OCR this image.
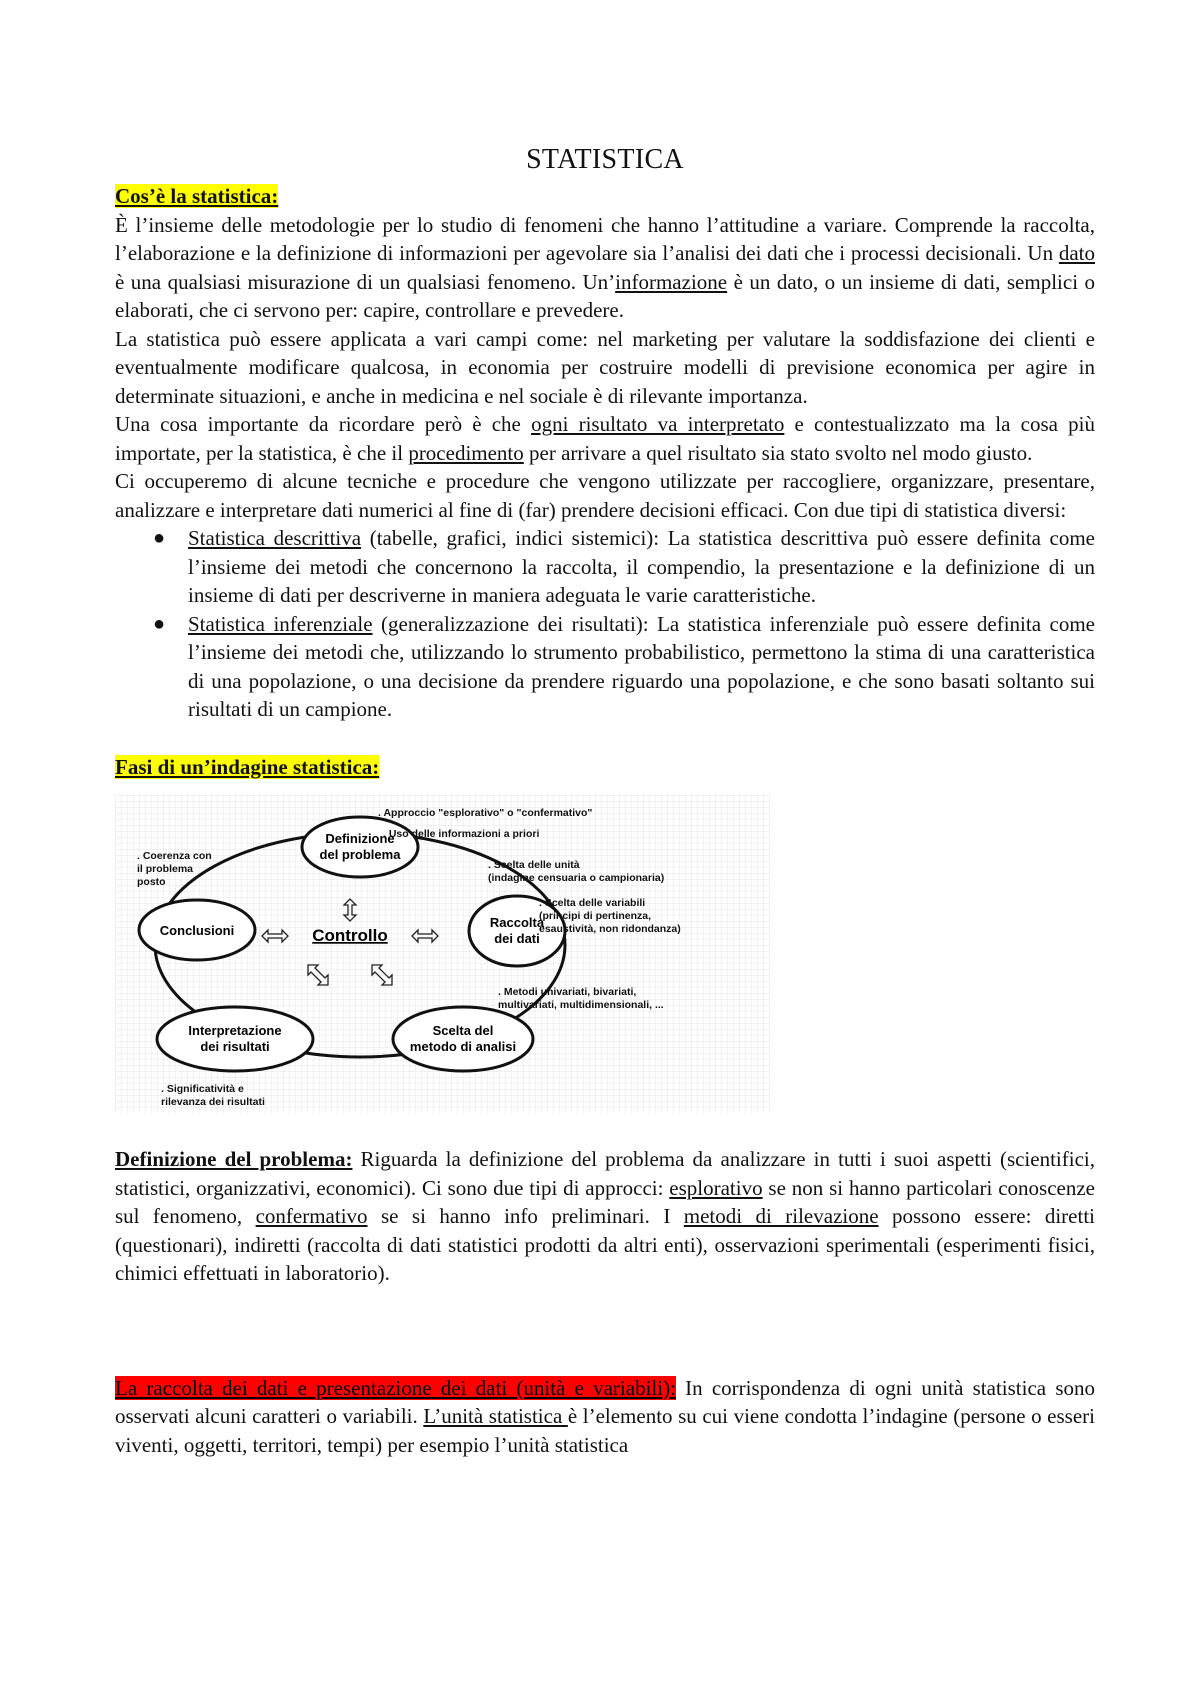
STATISTICA

Cos’è la statistica:

È l’insieme delle metodologie per lo studio di fenomeni che hanno l’attitudine a variare. Comprende la raccolta, l’elaborazione e la definizione di informazioni per agevolare sia l’analisi dei dati che i processi decisionali. Un dato è una qualsiasi misurazione di un qualsiasi fenomeno. Un’informazione è un dato, o un insieme di dati, semplici o elaborati, che ci servono per: capire, controllare e prevedere.

La statistica può essere applicata a vari campi come: nel marketing per valutare la soddisfazione dei clienti e eventualmente modificare qualcosa, in economia per costruire modelli di previsione economica per agire in determinate situazioni, e anche in medicina e nel sociale è di rilevante importanza.

Una cosa importante da ricordare però è che ogni risultato va interpretato e contestualizzato ma la cosa più importate, per la statistica, è che il procedimento per arrivare a quel risultato sia stato svolto nel modo giusto.

Ci occuperemo di alcune tecniche e procedure che vengono utilizzate per raccogliere, organizzare, presentare, analizzare e interpretare dati numerici al fine di (far) prendere decisioni efficaci. Con due tipi di statistica diversi:

● Statistica descrittiva (tabelle, grafici, indici sistemici): La statistica descrittiva può essere definita come l’insieme dei metodi che concernono la raccolta, il compendio, la presentazione e la definizione di un insieme di dati per descriverne in maniera adeguata le varie caratteristiche.
● Statistica inferenziale (generalizzazione dei risultati): La statistica inferenziale può essere definita come l’insieme dei metodi che, utilizzando lo strumento probabilistico, permettono la stima di una caratteristica di una popolazione, o una decisione da prendere riguardo una popolazione, e che sono basati soltanto sui risultati di un campione.

Fasi di un’indagine statistica:

Definizione
del problema
Raccolta
dei dati
Scelta del
metodo di analisi
Interpretazione
dei risultati
Conclusioni	Controllo
. Approccio "esplorativo" o "confermativo"
. Uso delle informazioni a priori
. Scelta delle unità
(indagine censuaria o campionaria)
. Scelta delle variabili
(principi di pertinenza,
esaustività, non ridondanza)
. Metodi univariati, bivariati,
multivariati, multidimensionali, ...
. Significatività e
rilevanza dei risultati
. Coerenza con
il problema
posto

Definizione del problema: Riguarda la definizione del problema da analizzare in tutti i suoi aspetti (scientifici, statistici, organizzativi, economici). Ci sono due tipi di approcci: esplorativo se non si hanno particolari conoscenze sul fenomeno, confermativo se si hanno info preliminari. I metodi di rilevazione possono essere: diretti (questionari), indiretti (raccolta di dati statistici prodotti da altri enti), osservazioni sperimentali (esperimenti fisici, chimici effettuati in laboratorio).

La raccolta dei dati e presentazione dei dati (unità e variabili): In corrispondenza di ogni unità statistica sono osservati alcuni caratteri o variabili. L’unità statistica è l’elemento su cui viene condotta l’indagine (persone o esseri viventi, oggetti, territori, tempi) per esempio l’unità statistica
